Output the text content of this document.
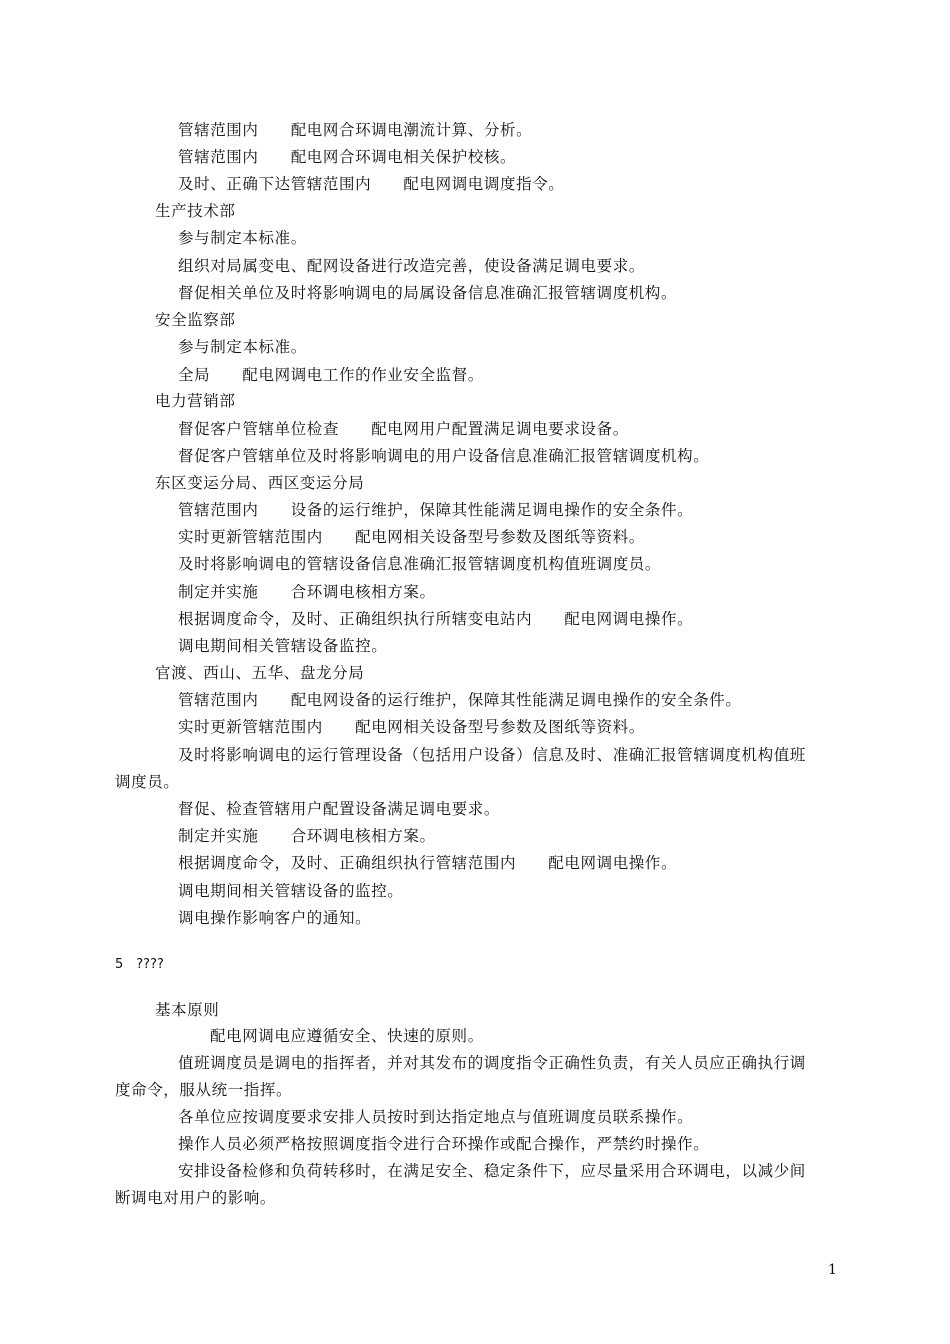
管辖范围内　　配电网合环调电潮流计算、分析。
管辖范围内　　配电网合环调电相关保护校核。
及时、正确下达管辖范围内　　配电网调电调度指令。
生产技术部
参与制定本标准。
组织对局属变电、配网设备进行改造完善，使设备满足调电要求。
督促相关单位及时将影响调电的局属设备信息准确汇报管辖调度机构。
安全监察部
参与制定本标准。
全局　　配电网调电工作的作业安全监督。
电力营销部
督促客户管辖单位检查　　配电网用户配置满足调电要求设备。
督促客户管辖单位及时将影响调电的用户设备信息准确汇报管辖调度机构。
东区变运分局、西区变运分局
管辖范围内　　设备的运行维护，保障其性能满足调电操作的安全条件。
实时更新管辖范围内　　配电网相关设备型号参数及图纸等资料。
及时将影响调电的管辖设备信息准确汇报管辖调度机构值班调度员。
制定并实施　　合环调电核相方案。
根据调度命令，及时、正确组织执行所辖变电站内　　配电网调电操作。
调电期间相关管辖设备监控。
官渡、西山、五华、盘龙分局
管辖范围内　　配电网设备的运行维护，保障其性能满足调电操作的安全条件。
实时更新管辖范围内　　配电网相关设备型号参数及图纸等资料。
及时将影响调电的运行管理设备（包括用户设备）信息及时、准确汇报管辖调度机构值班
调度员。
督促、检查管辖用户配置设备满足调电要求。
制定并实施　　合环调电核相方案。
根据调度命令，及时、正确组织执行管辖范围内　　配电网调电操作。
调电期间相关管辖设备的监控。
调电操作影响客户的通知。
5　????
基本原则
配电网调电应遵循安全、快速的原则。
值班调度员是调电的指挥者，并对其发布的调度指令正确性负责，有关人员应正确执行调
度命令，服从统一指挥。
各单位应按调度要求安排人员按时到达指定地点与值班调度员联系操作。
操作人员必须严格按照调度指令进行合环操作或配合操作，严禁约时操作。
安排设备检修和负荷转移时，在满足安全、稳定条件下，应尽量采用合环调电，以减少间
断调电对用户的影响。
1
